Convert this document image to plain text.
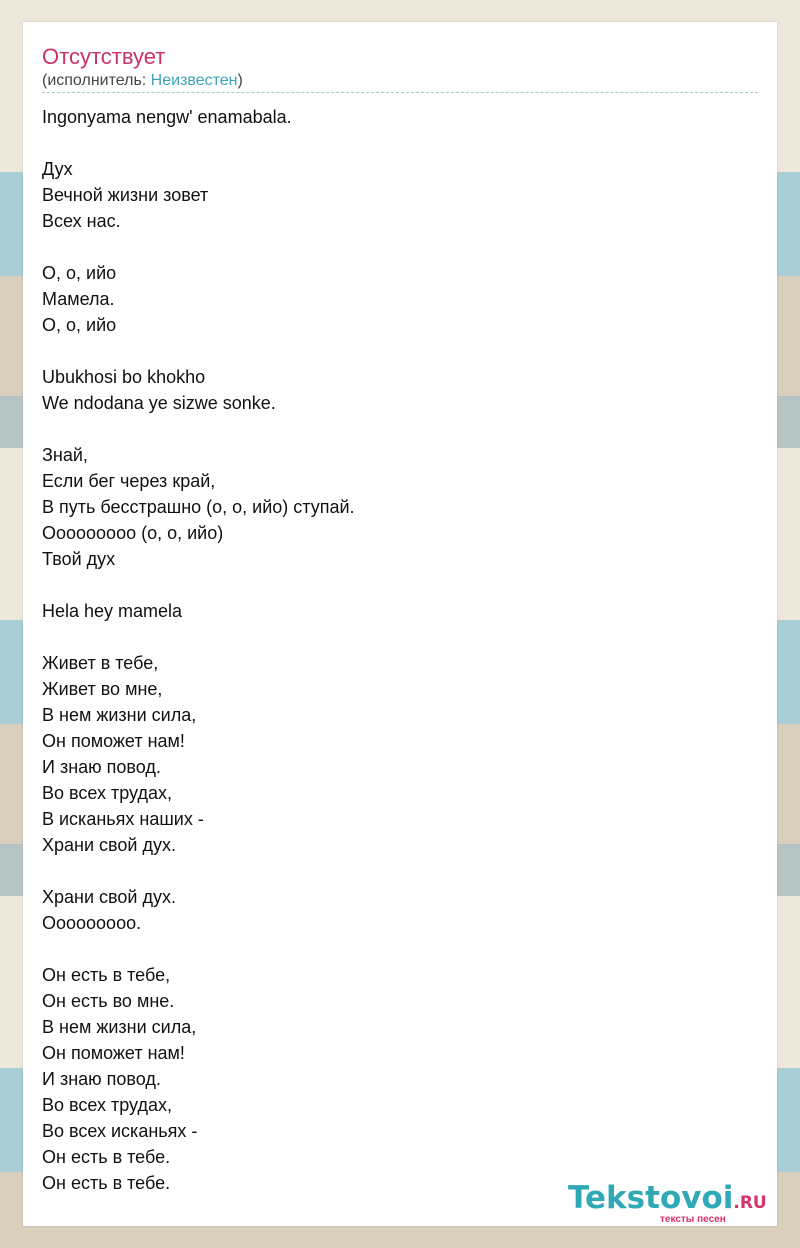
Отсутствует
(исполнитель: Неизвестен)
Ingonyama nengw' enamabala.
Дух
Вечной жизни зовет
Всех нас.
О, о, ийо
Мамела.
О, о, ийо
Ubukhosi bo khokho
We ndodana ye sizwe sonke.
Знай,
Если бег через край,
В путь бесстрашно (о, о, ийо) ступай.
Ооооооооо (о, о, ийо)
Твой дух
Hela hey mamela
Живет в тебе,
Живет во мне,
В нем жизни сила,
Он поможет нам!
И знаю повод.
Во всех трудах,
В исканьях наших -
Храни свой дух.
Храни свой дух.
Ооооооооо.
Он есть в тебе,
Он есть во мне.
В нем жизни сила,
Он поможет нам!
И знаю повод.
Во всех трудах,
Во всех исканьях -
Он есть в тебе.
Он есть в тебе.	Tekstovoi.RU
тексты песен
